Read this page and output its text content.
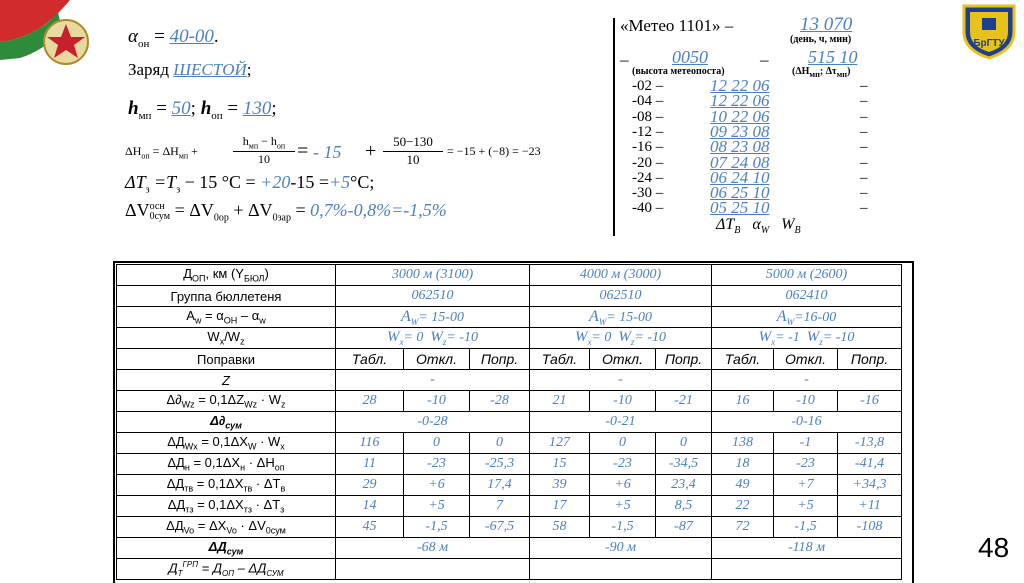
БрГТУ
$\alpha_{он} = 40-00$.
Заряд ШЕСТОЙ;
$h_{мп} = 50$; $h_{оп} = 130$;
$\Delta H_{оп} = \Delta H_{мп}$ +
$h_{мп} - h_{оп}$
10	= - 15 +	50−130
10
= −15 + (−8) = −23
$\Delta T_з =T_з - 15$ °C = +20-15 =+5°C;
ΔV осн
$0сум = \Delta V_{0ор} + \Delta V_{0зар} = 0,7\%-0,8\%=-1,5\%$
«Метео 1101» –	13 070
(день, ч, мин)
– 0050	– 515 10
(высота метеопоста)	($\Delta H_{мп}$; $\Delta\tau_{мп}$)
-02 –	12 22 06	–
-04 –	12 22 06	–
-08 –	10 22 06	–
-12 –	09 23 08	–
-16 –	08 23 08	–
-20 –	07 24 08	–
-24 –	06 24 10	–
-30 –	06 25 10	–
-40 –	05 25 10	–
$\Delta T_B$ $\alpha_W$ $W_B$
$Д_{ОП}$, км $(Y_{БЮЛ})$	3000 м (3100)			4000 м (3000)			5000 м (2600)		
Группа бюллетеня	062510			062510			062410		
$A_w = \alpha_{ОН} - \alpha_w$	$A_W= 15-00$			$A_W= 15-00$			$A_W=16-00$		
$W_x/W_z$	$W_x= 0$ $W_z= -10$			$W_x= 0$ $W_z= -10$			$W_x= -1$ $W_z= -10$		
Поправки	Табл.	Откл.	Попр.	Табл.	Откл.	Попр.	Табл.	Откл.	Попр.
Z	-			-			-		
$\Delta\partial_{Wz} = 0,1\Delta Z_{Wz} \cdot W_z$	28	-10	-28	21	-10	-21	16	-10	-16
$\Delta\partial_{сум}$	-0-28			-0-21			-0-16		
$\Delta Д_{Wx} = 0,1\Delta X_W \cdot W_x$	116	0	0	127	0	0	138	-1	-13,8
$\Delta Д_н = 0,1\Delta X_н \cdot \Delta H_{оп}$	11	-23	-25,3	15	-23	-34,5	18	-23	-41,4
$\Delta Д_{тв} = 0,1\Delta X_{тв} \cdot \Delta T_в$	29	+6	17,4	39	+6	23,4	49	+7	+34,3
$\Delta Д_{тз} = 0,1\Delta X_{тз} \cdot \Delta T_з$	14	+5	7	17	+5	8,5	22	+5	+11
$\Delta Д_{Vo} = \Delta X_{Vo} \cdot \Delta V_{0сум}$	45	-1,5	-67,5	58	-1,5	-87	72	-1,5	-108
$\Delta Д_{сум}$	-68 м			-90 м			-118 м		
$Д_Т^{ГРП} = Д_{ОП} - \Delta Д_{СУМ}$			
48
